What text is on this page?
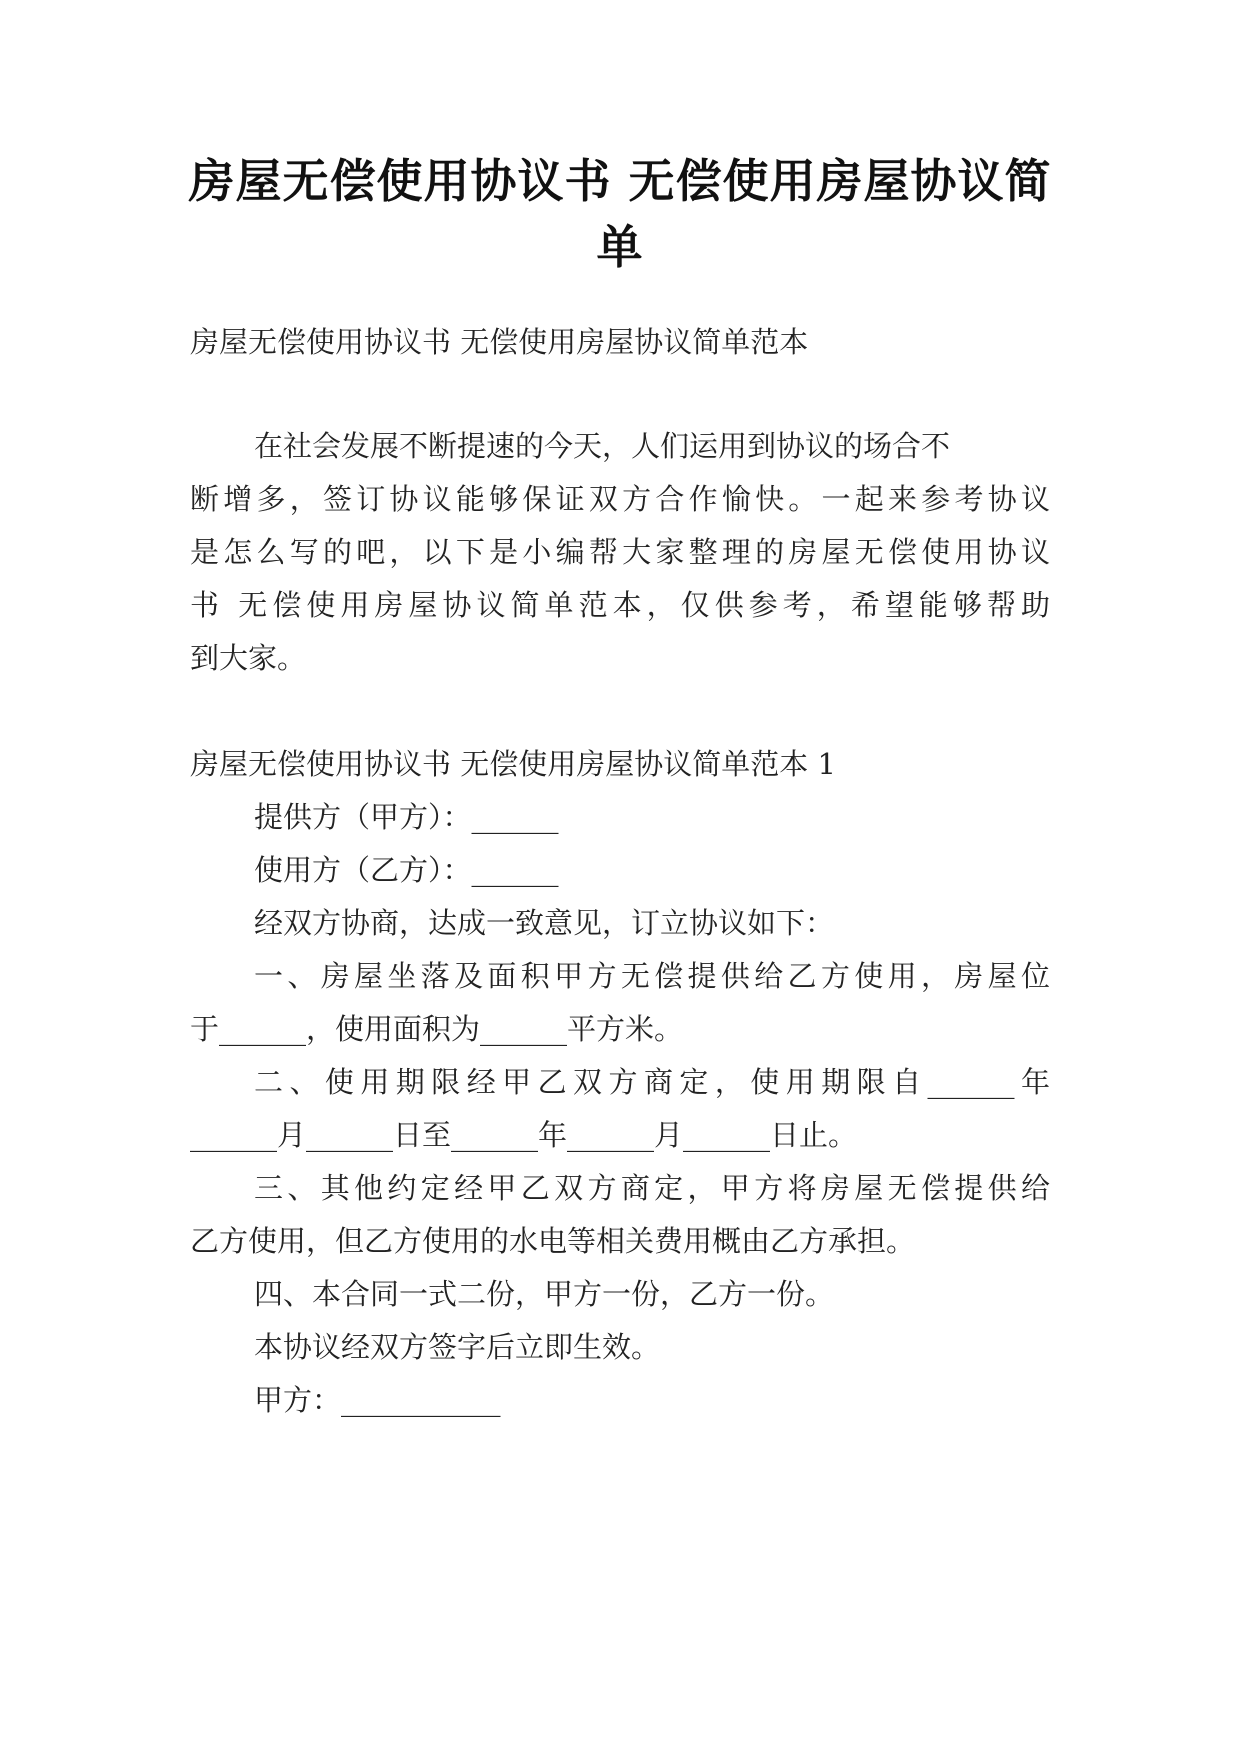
房屋无偿使用协议书 无偿使用房屋协议简
单
房屋无偿使用协议书 无偿使用房屋协议简单范本
在社会发展不断提速的今天，人们运用到协议的场合不
断增多，签订协议能够保证双方合作愉快。一起来参考协议
是怎么写的吧，以下是小编帮大家整理的房屋无偿使用协议
书 无偿使用房屋协议简单范本，仅供参考，希望能够帮助
到大家。
房屋无偿使用协议书 无偿使用房屋协议简单范本 1
提供方（甲方）：______
使用方（乙方）：______
经双方协商，达成一致意见，订立协议如下：
一、房屋坐落及面积甲方无偿提供给乙方使用，房屋位
于______，使用面积为______平方米。
二、使用期限经甲乙双方商定，使用期限自______年
______月______日至______年______月______日止。
三、其他约定经甲乙双方商定，甲方将房屋无偿提供给
乙方使用，但乙方使用的水电等相关费用概由乙方承担。
四、本合同一式二份，甲方一份，乙方一份。
本协议经双方签字后立即生效。
甲方：___________
